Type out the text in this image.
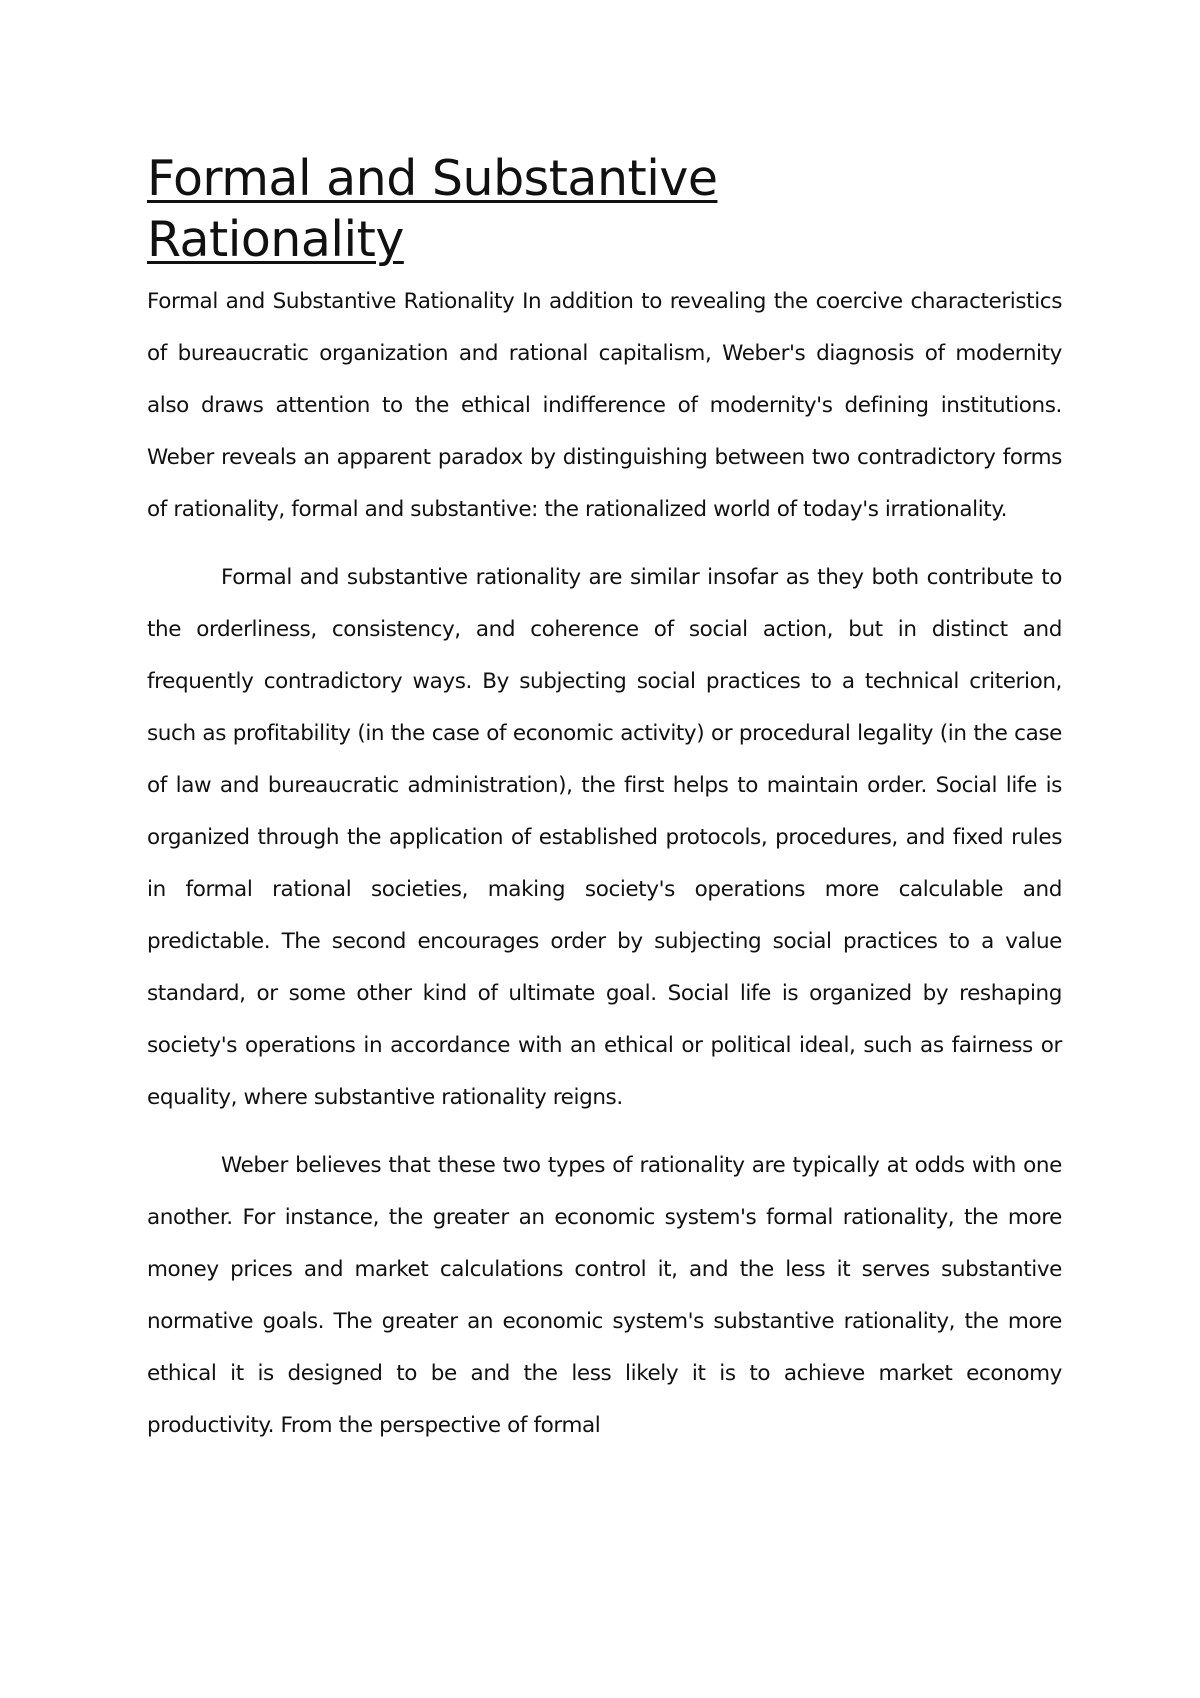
Formal and Substantive Rationality

Formal and Substantive Rationality In addition to revealing the coercive characteristics of bureaucratic organization and rational capitalism, Weber's diagnosis of modernity also draws attention to the ethical indifference of modernity's defining institutions. Weber reveals an apparent paradox by distinguishing between two contradictory forms of rationality, formal and substantive: the rationalized world of today's irrationality.

Formal and substantive rationality are similar insofar as they both contribute to the orderliness, consistency, and coherence of social action, but in distinct and frequently contradictory ways. By subjecting social practices to a technical criterion, such as profitability (in the case of economic activity) or procedural legality (in the case of law and bureaucratic administration), the first helps to maintain order. Social life is organized through the application of established protocols, procedures, and fixed rules in formal rational societies, making society's operations more calculable and predictable. The second encourages order by subjecting social practices to a value standard, or some other kind of ultimate goal. Social life is organized by reshaping society's operations in accordance with an ethical or political ideal, such as fairness or equality, where substantive rationality reigns.

Weber believes that these two types of rationality are typically at odds with one another. For instance, the greater an economic system's formal rationality, the more money prices and market calculations control it, and the less it serves substantive normative goals. The greater an economic system's substantive rationality, the more ethical it is designed to be and the less likely it is to achieve market economy productivity. From the perspective of formal
